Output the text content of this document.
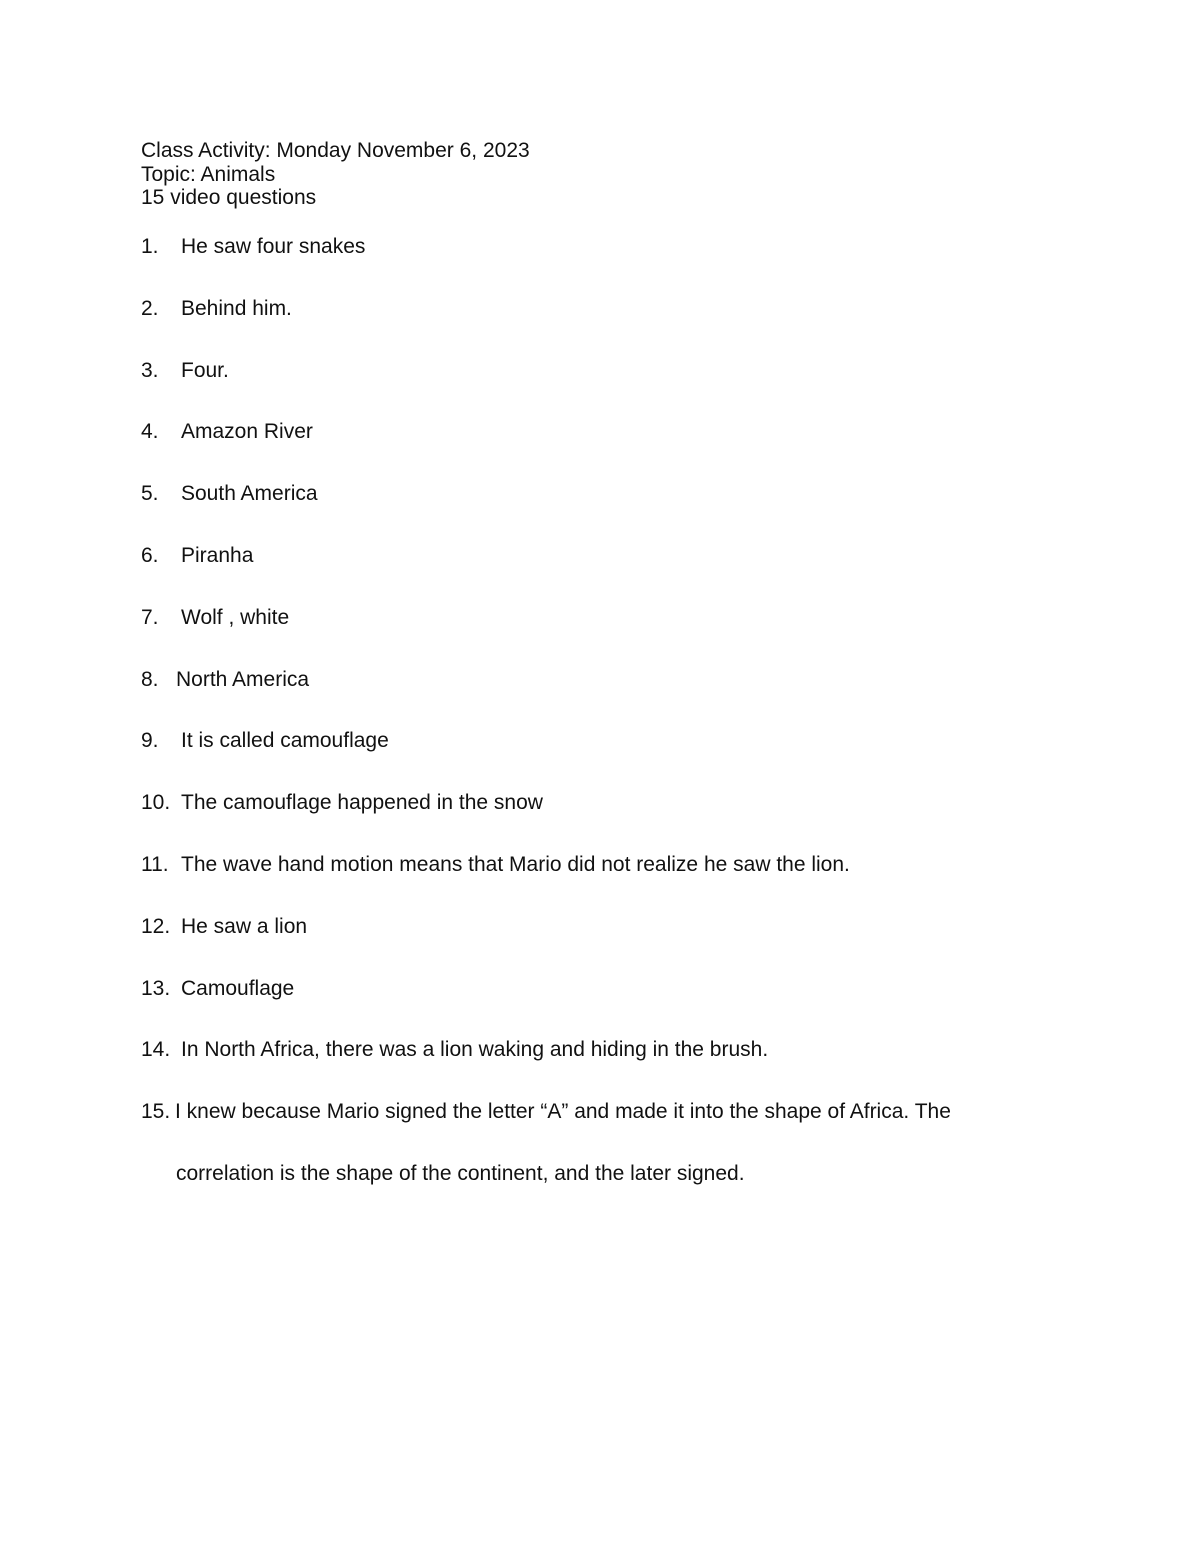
Class Activity: Monday November 6, 2023
Topic: Animals
15 video questions
1. He saw four snakes
2. Behind him.
3. Four.
4. Amazon River
5. South America
6. Piranha
7. Wolf , white
8. North America
9. It is called camouflage
10. The camouflage happened in the snow
11. The wave hand motion means that Mario did not realize he saw the lion.
12. He saw a lion
13. Camouflage
14. In North Africa, there was a lion waking and hiding in the brush.
15. I knew because Mario signed the letter “A” and made it into the shape of Africa. The
correlation is the shape of the continent, and the later signed.
